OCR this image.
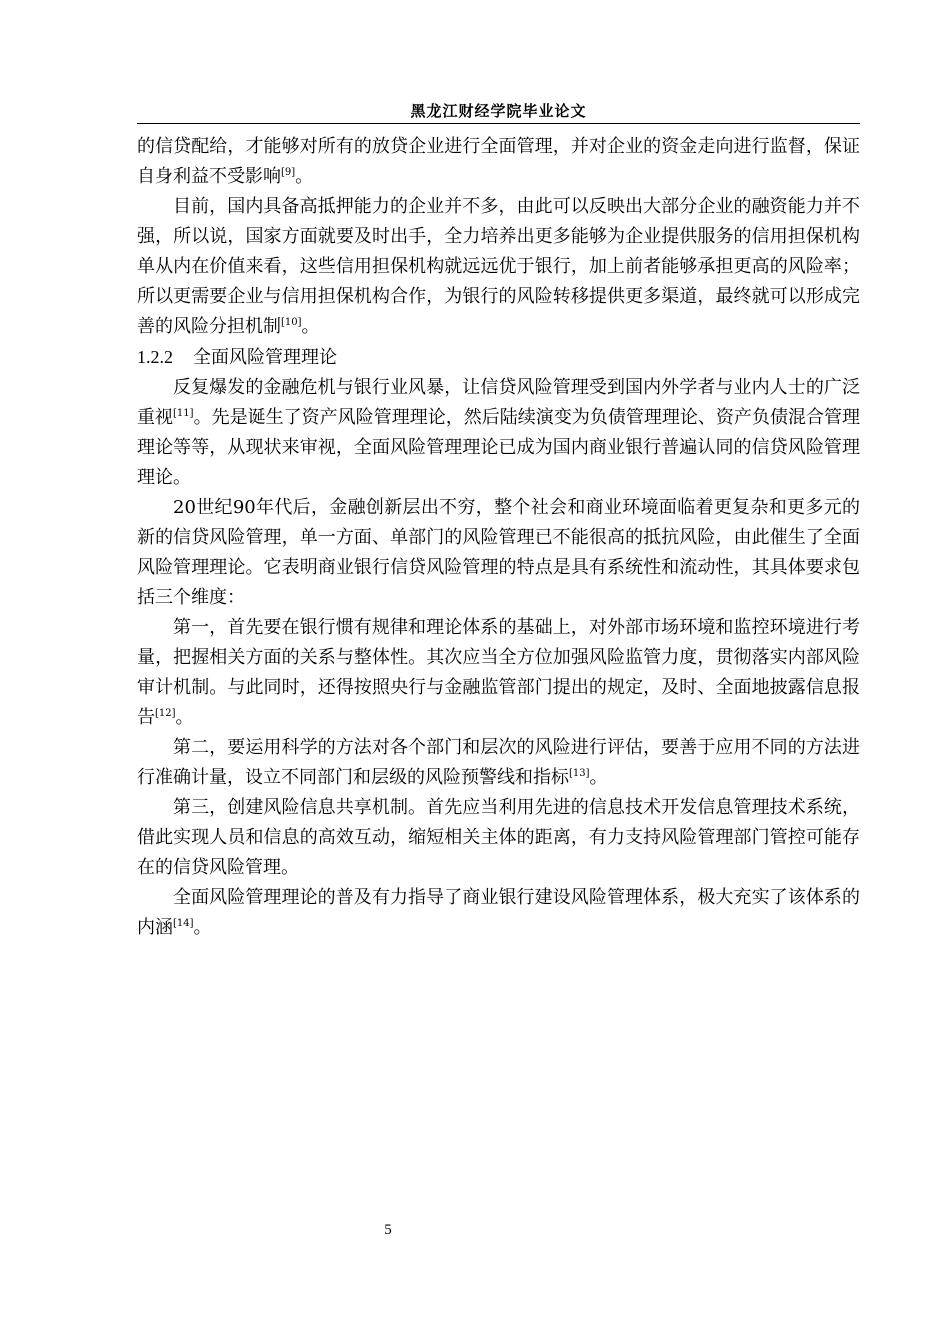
黑龙江财经学院毕业论文

的信贷配给，才能够对所有的放贷企业进行全面管理，并对企业的资金走向进行监督，保证自身利益不受影响[9]。

目前，国内具备高抵押能力的企业并不多，由此可以反映出大部分企业的融资能力并不强，所以说，国家方面就要及时出手，全力培养出更多能够为企业提供服务的信用担保机构单从内在价值来看，这些信用担保机构就远远优于银行，加上前者能够承担更高的风险率；所以更需要企业与信用担保机构合作，为银行的风险转移提供更多渠道，最终就可以形成完善的风险分担机制[10]。

1.2.2 全面风险管理理论

反复爆发的金融危机与银行业风暴，让信贷风险管理受到国内外学者与业内人士的广泛重视[11]。先是诞生了资产风险管理理论，然后陆续演变为负债管理理论、资产负债混合管理理论等等，从现状来审视，全面风险管理理论已成为国内商业银行普遍认同的信贷风险管理理论。

20世纪90年代后，金融创新层出不穷，整个社会和商业环境面临着更复杂和更多元的新的信贷风险管理，单一方面、单部门的风险管理已不能很高的抵抗风险，由此催生了全面风险管理理论。它表明商业银行信贷风险管理的特点是具有系统性和流动性，其具体要求包括三个维度：

第一，首先要在银行惯有规律和理论体系的基础上，对外部市场环境和监控环境进行考量，把握相关方面的关系与整体性。其次应当全方位加强风险监管力度，贯彻落实内部风险审计机制。与此同时，还得按照央行与金融监管部门提出的规定，及时、全面地披露信息报告[12]。

第二，要运用科学的方法对各个部门和层次的风险进行评估，要善于应用不同的方法进行准确计量，设立不同部门和层级的风险预警线和指标[13]。

第三，创建风险信息共享机制。首先应当利用先进的信息技术开发信息管理技术系统，借此实现人员和信息的高效互动，缩短相关主体的距离，有力支持风险管理部门管控可能存在的信贷风险管理。

全面风险管理理论的普及有力指导了商业银行建设风险管理体系，极大充实了该体系的内涵[14]。

5
